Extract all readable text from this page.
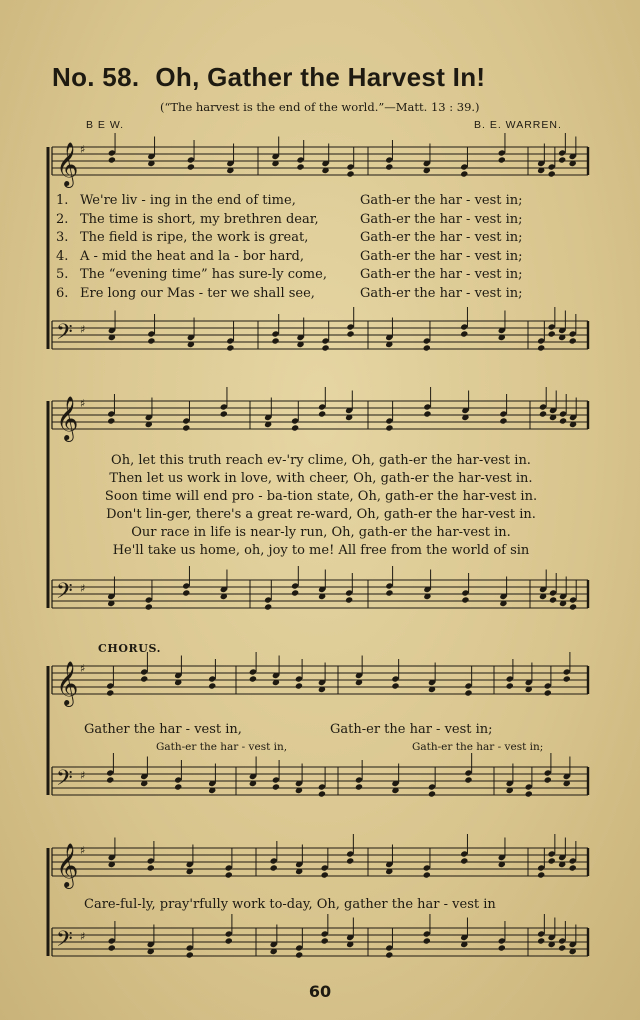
No. 58. Oh, Gather the Harvest In!
(“The harvest is the end of the world.”—Matt. 13 : 39.)
B E W.	B. E. WARREN.
𝄞 ♯
𝄢 ♯
𝄞 ♯
𝄢 ♯
𝄞 ♯
𝄢 ♯
𝄞 ♯
𝄢 ♯
1. We're liv - ing in the end of time,	Gath-er the har - vest in;
2. The time is short, my brethren dear,	Gath-er the har - vest in;
3. The field is ripe, the work is great,	Gath-er the har - vest in;
4. A - mid the heat and la - bor hard,	Gath-er the har - vest in;
5. The “evening time” has sure-ly come,	Gath-er the har - vest in;
6. Ere long our Mas - ter we shall see,	Gath-er the har - vest in;
Oh, let this truth reach ev-'ry clime, Oh, gath-er the har-vest in.
Then let us work in love, with cheer, Oh, gath-er the har-vest in.
Soon time will end pro - ba-tion state, Oh, gath-er the har-vest in.
Don't lin-ger, there's a great re-ward, Oh, gath-er the har-vest in.
Our race in life is near-ly run, Oh, gath-er the har-vest in.
He'll take us home, oh, joy to me! All free from the world of sin
CHORUS.
Gather the har - vest in,	Gath-er the har - vest in;
Gath-er the har - vest in,	Gath-er the har - vest in;
Care-ful-ly, pray'rfully work to-day, Oh, gather the har - vest in
60
